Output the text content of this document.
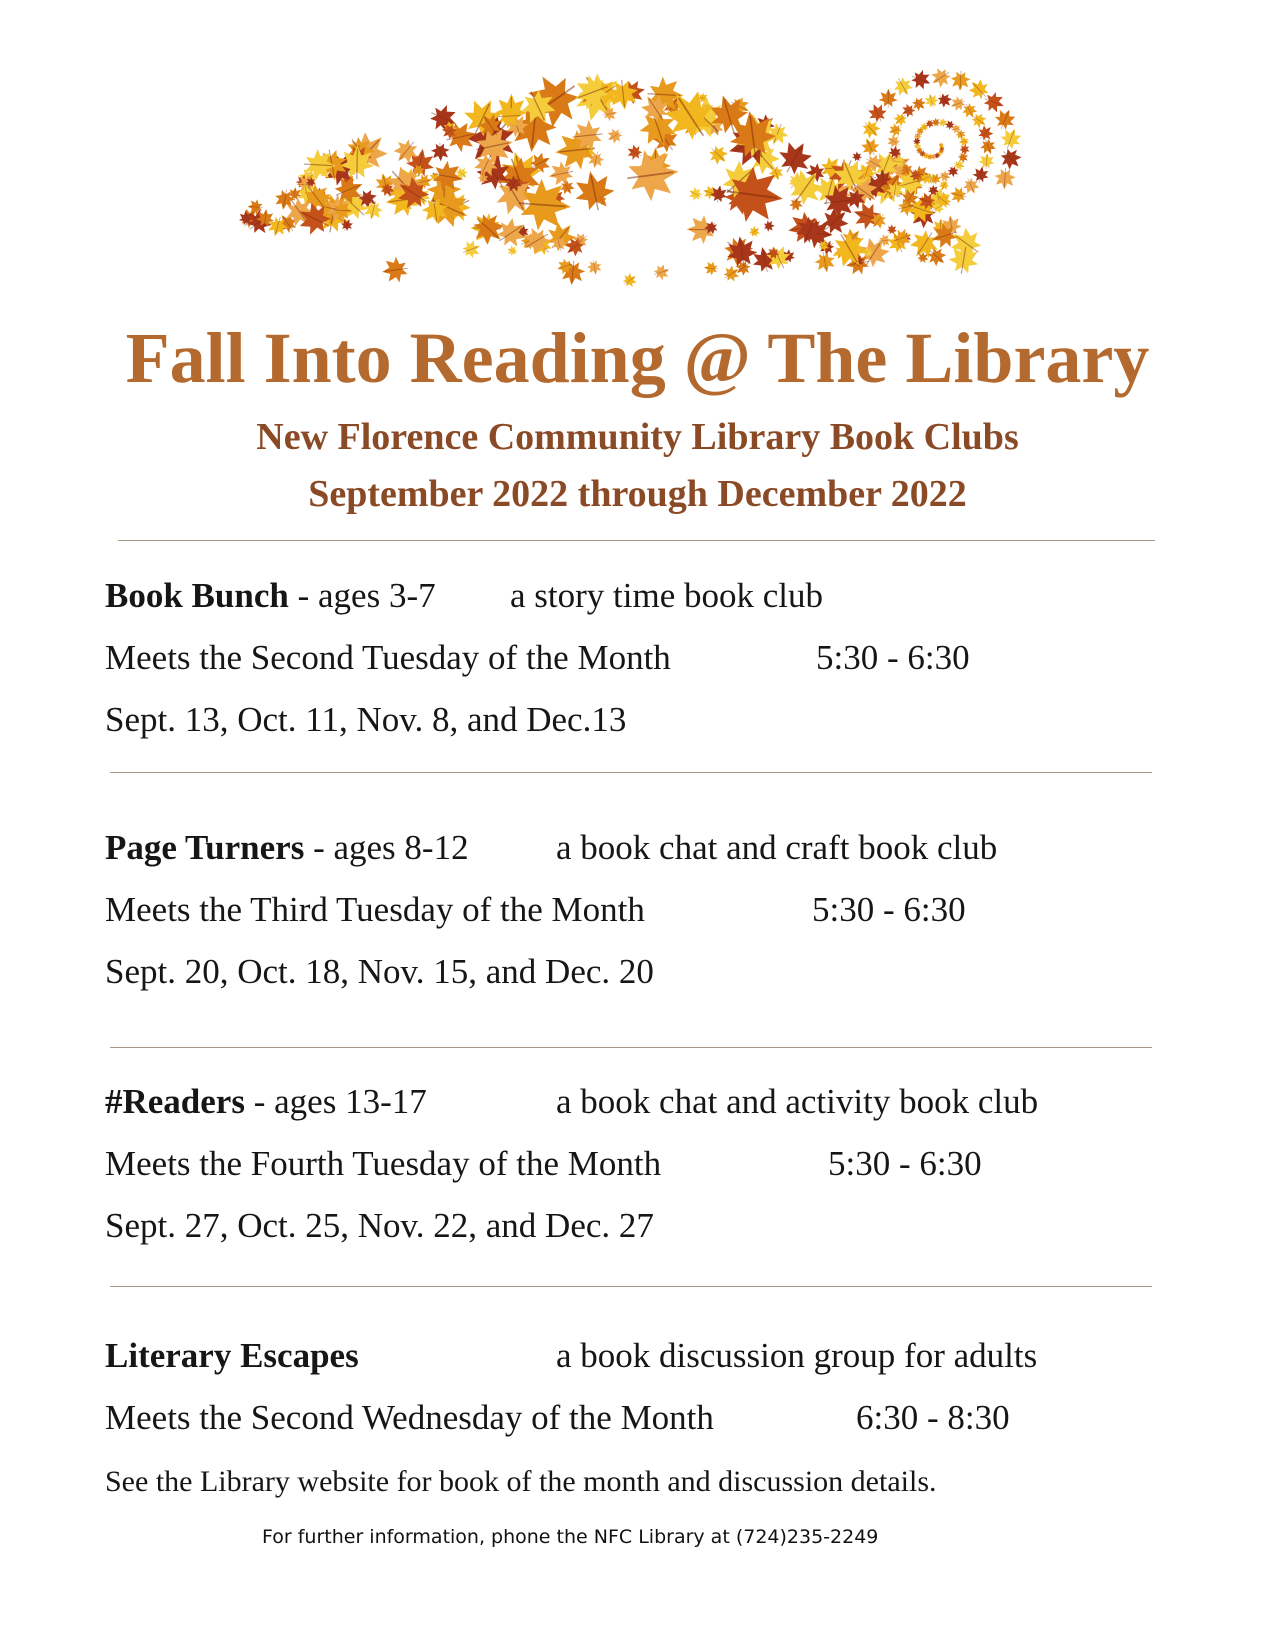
Fall Into Reading @ The Library
New Florence Community Library Book Clubs
September 2022 through December 2022
Book Bunch - ages 3-7 a story time book club
Meets the Second Tuesday of the Month	5:30 - 6:30
Sept. 13, Oct. 11, Nov. 8, and Dec.13
Page Turners - ages 8-12 a book chat and craft book club
Meets the Third Tuesday of the Month	5:30 - 6:30
Sept. 20, Oct. 18, Nov. 15, and Dec. 20
#Readers - ages 13-17	a book chat and activity book club
Meets the Fourth Tuesday of the Month	5:30 - 6:30
Sept. 27, Oct. 25, Nov. 22, and Dec. 27
Literary Escapes	a book discussion group for adults
Meets the Second Wednesday of the Month	6:30 - 8:30
See the Library website for book of the month and discussion details.
For further information, phone the NFC Library at (724)235-2249
